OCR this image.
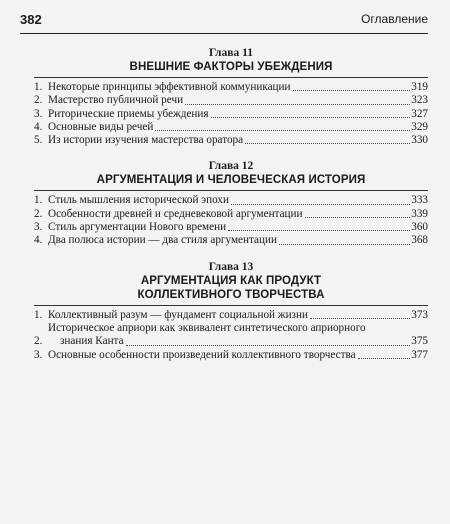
382	Оглавление
Глава 11
ВНЕШНИЕ ФАКТОРЫ УБЕЖДЕНИЯ
1. Некоторые принципы эффективной коммуникации	319
2. Мастерство публичной речи	323
3. Риторические приемы убеждения	327
4. Основные виды речей	329
5. Из истории изучения мастерства оратора	330
Глава 12
АРГУМЕНТАЦИЯ И ЧЕЛОВЕЧЕСКАЯ ИСТОРИЯ
1. Стиль мышления исторической эпохи	333
2. Особенности древней и средневековой аргументации	339
3. Стиль аргументации Нового времени	360
4. Два полюса истории — два стиля аргументации	368
Глава 13
АРГУМЕНТАЦИЯ КАК ПРОДУКТ
КОЛЛЕКТИВНОГО ТВОРЧЕСТВА
1. Коллективный разум — фундамент социальной жизни	373
2.
Историческое априори как эквивалент синтетического априорного
знания Канта	375
3. Основные особенности произведений коллективного творчества	377
